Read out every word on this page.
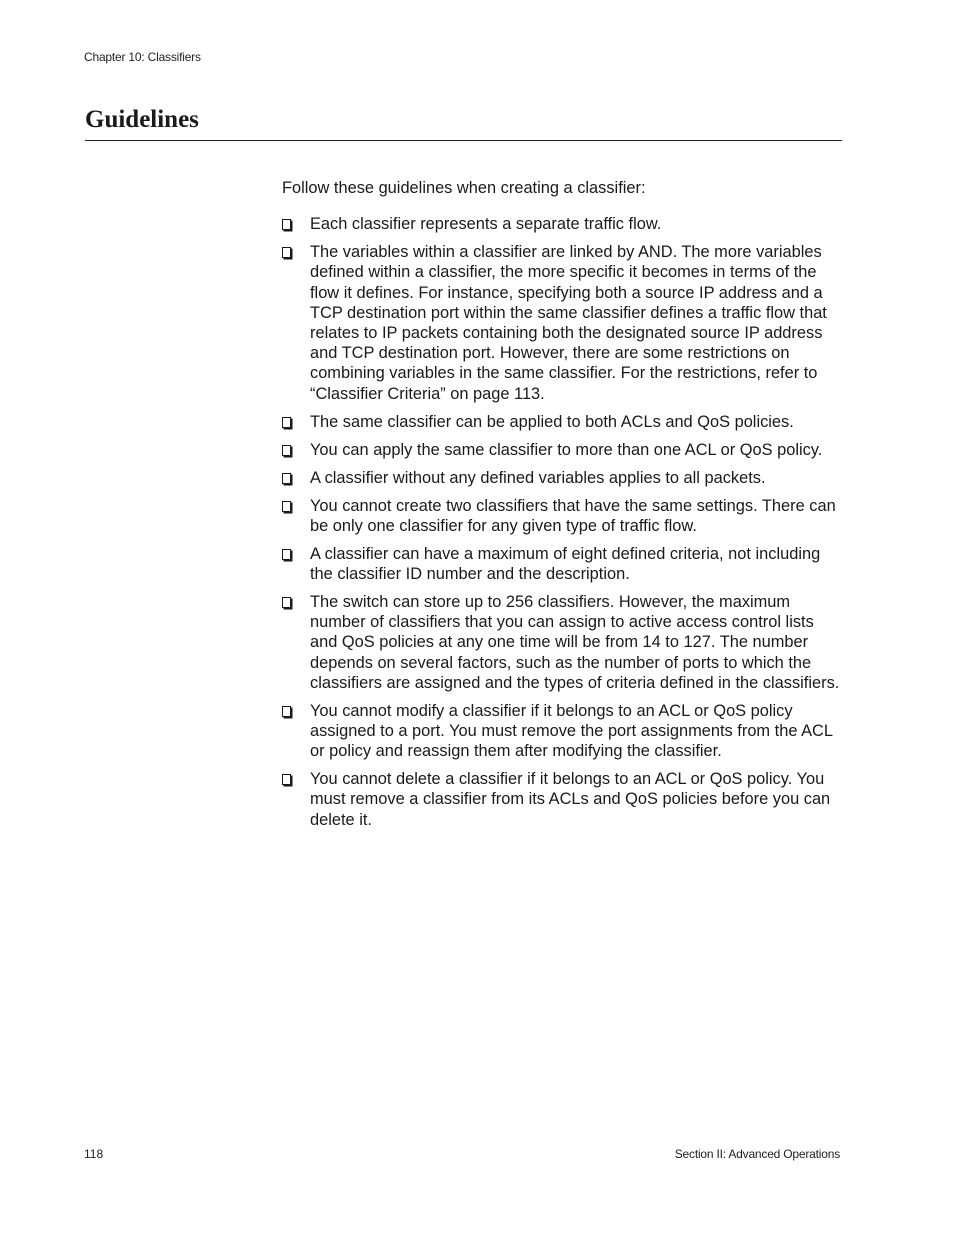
Chapter 10: Classifiers
Guidelines

Follow these guidelines when creating a classifier:

Each classifier represents a separate traffic flow.
The variables within a classifier are linked by AND. The more variables defined within a classifier, the more specific it becomes in terms of the flow it defines. For instance, specifying both a source IP address and a TCP destination port within the same classifier defines a traffic flow that relates to IP packets containing both the designated source IP address and TCP destination port. However, there are some restrictions on combining variables in the same classifier. For the restrictions, refer to “Classifier Criteria” on page 113.
The same classifier can be applied to both ACLs and QoS policies.
You can apply the same classifier to more than one ACL or QoS policy.
A classifier without any defined variables applies to all packets.
You cannot create two classifiers that have the same settings. There can be only one classifier for any given type of traffic flow.
A classifier can have a maximum of eight defined criteria, not including the classifier ID number and the description.
The switch can store up to 256 classifiers. However, the maximum number of classifiers that you can assign to active access control lists and QoS policies at any one time will be from 14 to 127. The number depends on several factors, such as the number of ports to which the classifiers are assigned and the types of criteria defined in the classifiers.
You cannot modify a classifier if it belongs to an ACL or QoS policy assigned to a port. You must remove the port assignments from the ACL or policy and reassign them after modifying the classifier.
You cannot delete a classifier if it belongs to an ACL or QoS policy. You must remove a classifier from its ACLs and QoS policies before you can delete it.
118	Section II: Advanced Operations
